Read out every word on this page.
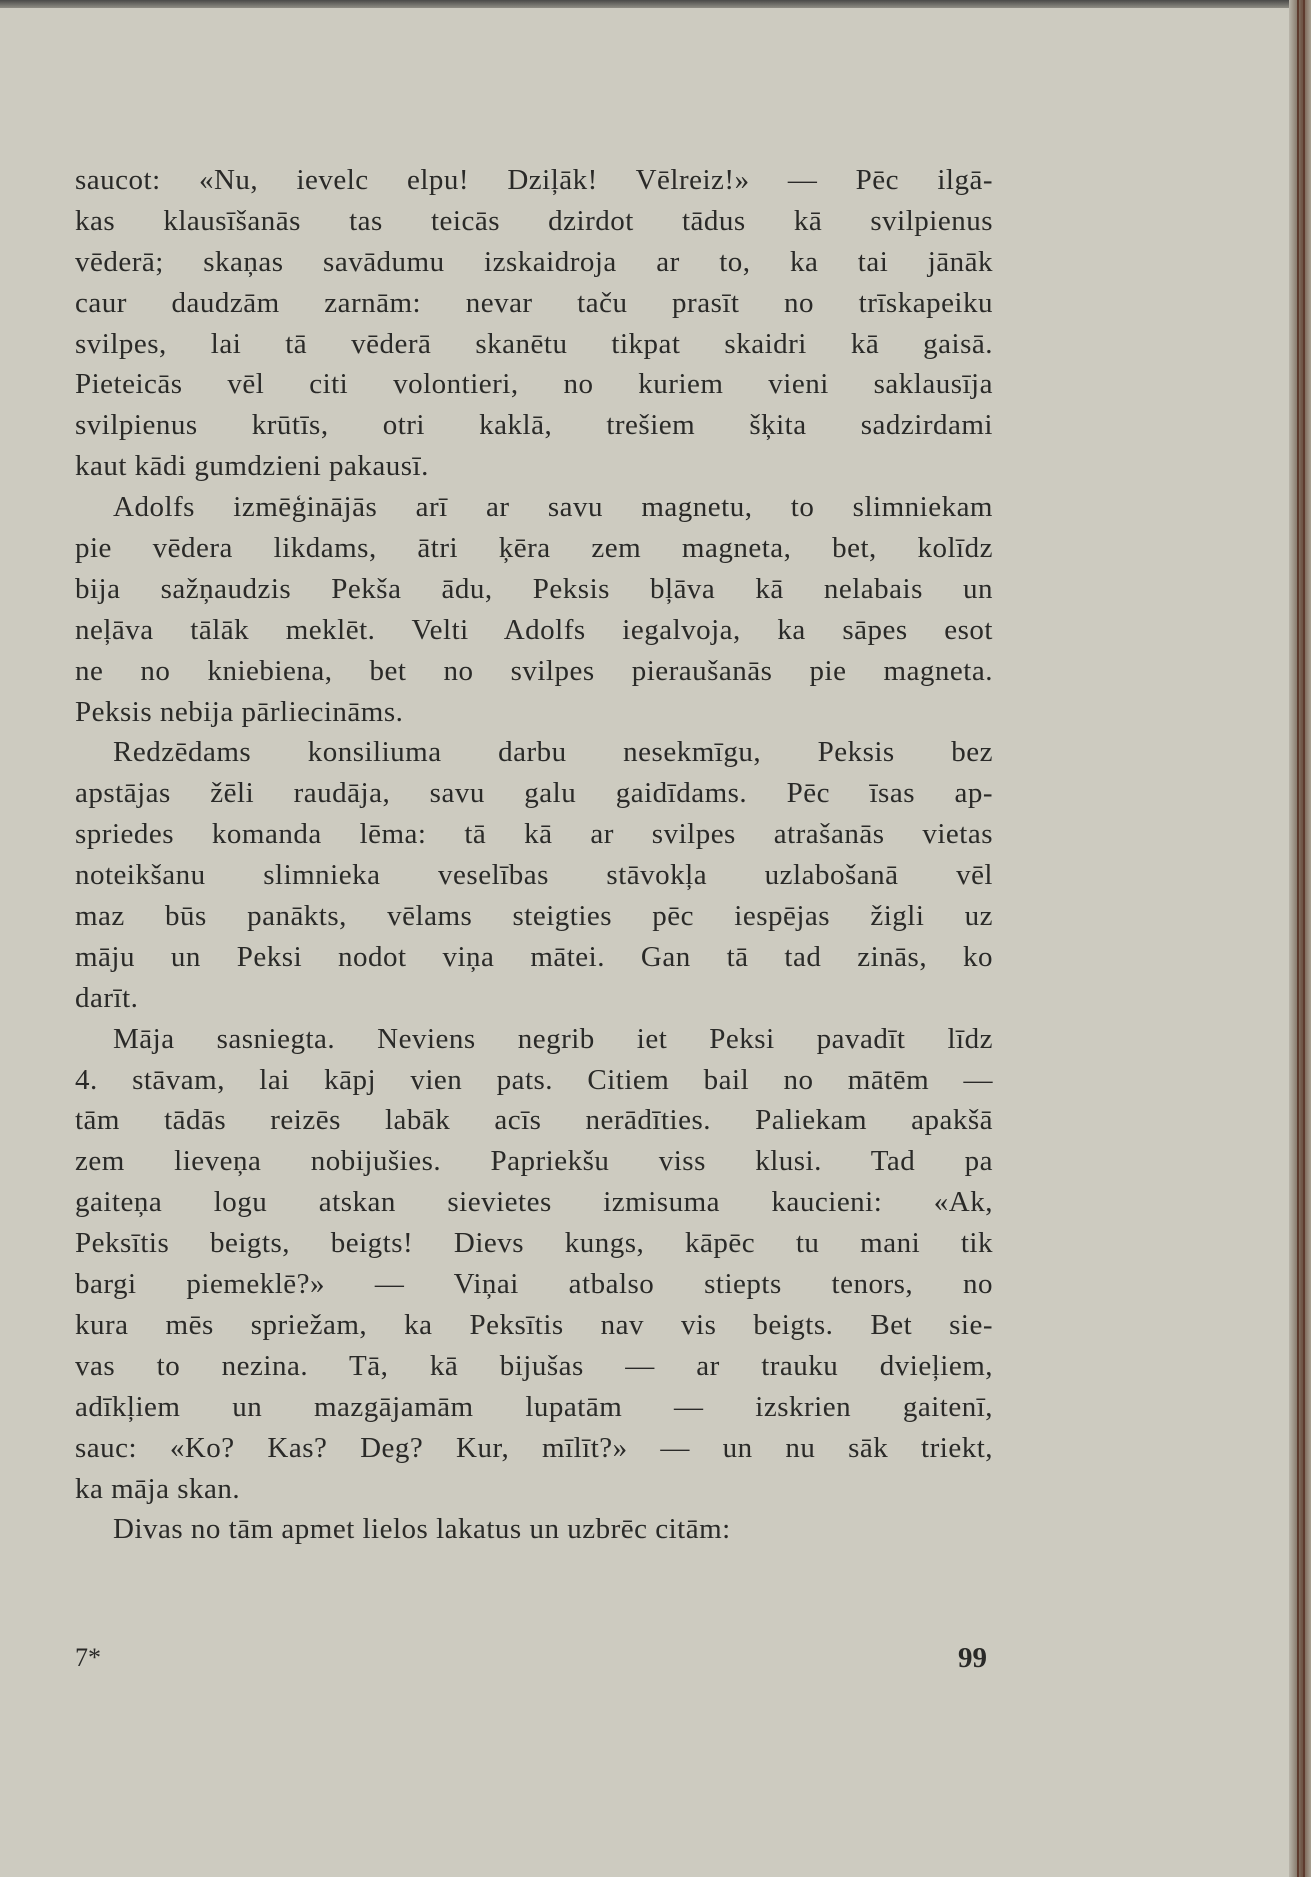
saucot: «Nu, ievelc elpu! Dziļāk! Vēlreiz!» — Pēc ilgā-
kas klausīšanās tas teicās dzirdot tādus kā svilpienus
vēderā; skaņas savādumu izskaidroja ar to, ka tai jānāk
caur daudzām zarnām: nevar taču prasīt no trīskapeiku
svilpes, lai tā vēderā skanētu tikpat skaidri kā gaisā.
Pieteicās vēl citi volontieri, no kuriem vieni saklausīja
svilpienus krūtīs, otri kaklā, trešiem šķita sadzirdami
kaut kādi gumdzieni pakausī.
Adolfs izmēģinājās arī ar savu magnetu, to slimniekam
pie vēdera likdams, ātri ķēra zem magneta, bet, kolīdz
bija sažņaudzis Pekša ādu, Peksis bļāva kā nelabais un
neļāva tālāk meklēt. Velti Adolfs iegalvoja, ka sāpes esot
ne no kniebiena, bet no svilpes pieraušanās pie magneta.
Peksis nebija pārliecināms.
Redzēdams konsiliuma darbu nesekmīgu, Peksis bez
apstājas žēli raudāja, savu galu gaidīdams. Pēc īsas ap-
spriedes komanda lēma: tā kā ar svilpes atrašanās vietas
noteikšanu slimnieka veselības stāvokļa uzlabošanā vēl
maz būs panākts, vēlams steigties pēc iespējas žigli uz
māju un Peksi nodot viņa mātei. Gan tā tad zinās, ko
darīt.
Māja sasniegta. Neviens negrib iet Peksi pavadīt līdz
4. stāvam, lai kāpj vien pats. Citiem bail no mātēm —
tām tādās reizēs labāk acīs nerādīties. Paliekam apakšā
zem lieveņa nobijušies. Papriekšu viss klusi. Tad pa
gaiteņa logu atskan sievietes izmisuma kaucieni: «Ak,
Peksītis beigts, beigts! Dievs kungs, kāpēc tu mani tik
bargi piemeklē?» — Viņai atbalso stiepts tenors, no
kura mēs spriežam, ka Peksītis nav vis beigts. Bet sie-
vas to nezina. Tā, kā bijušas — ar trauku dvieļiem,
adīkļiem un mazgājamām lupatām — izskrien gaitenī,
sauc: «Ko? Kas? Deg? Kur, mīlīt?» — un nu sāk triekt,
ka māja skan.
Divas no tām apmet lielos lakatus un uzbrēc citām:
7*	99
